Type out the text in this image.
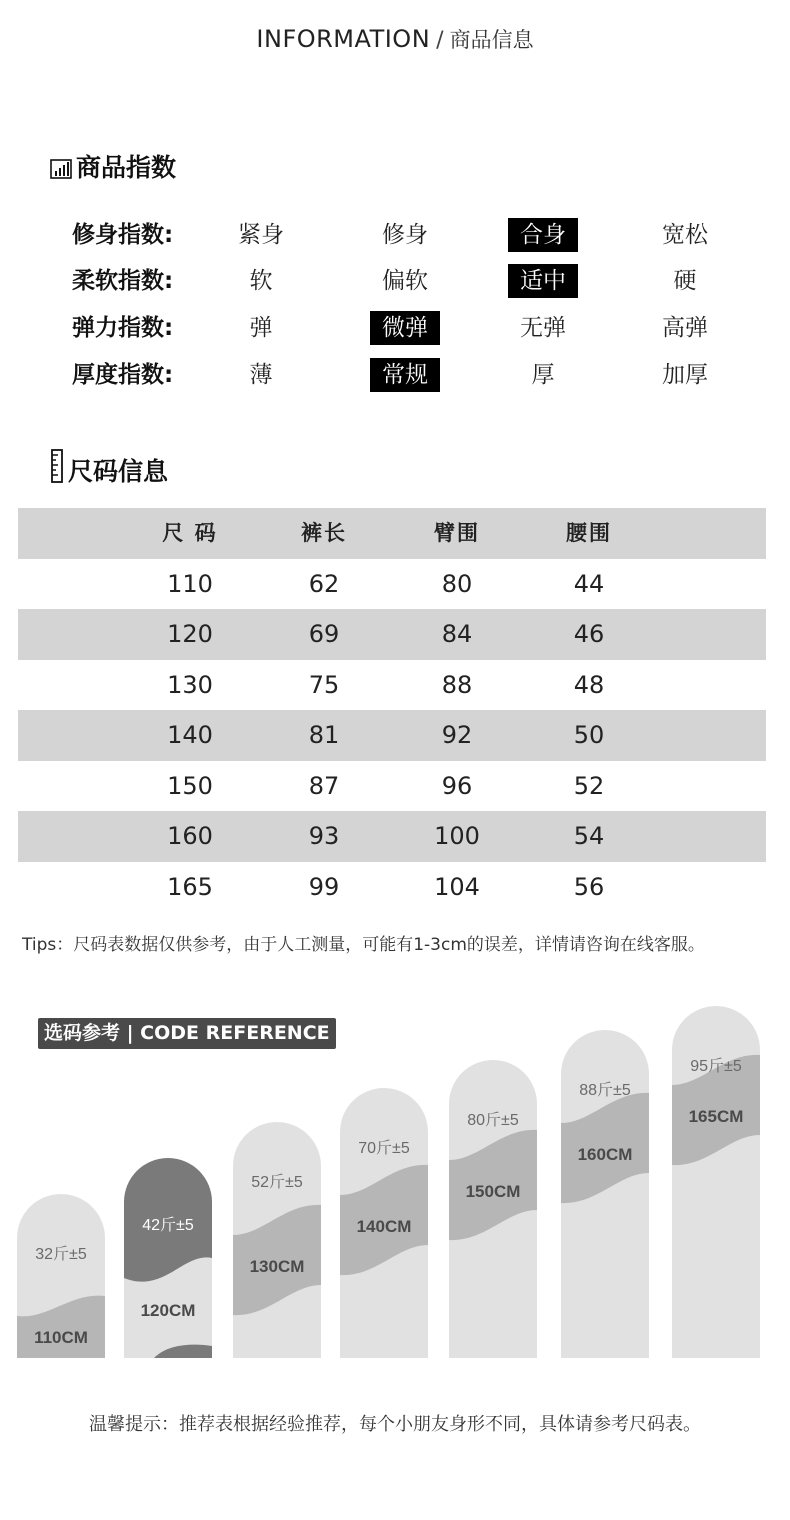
INFORMATION / 商品信息
商品指数
修身指数:	紧身	修身	合身	宽松
柔软指数:	软	偏软	适中	硬
弹力指数:	弹	微弹	无弹	高弹
厚度指数:	薄	常规	厚	加厚
尺码信息
尺 码	裤长	臂围	腰围
110	62	80	44
120	69	84	46
130	75	88	48
140	81	92	50
150	87	96	52
160	93	100	54
165	99	104	56
Tips：尺码表数据仅供参考，由于人工测量，可能有1-3cm的误差，详情请咨询在线客服。
32斤±5
110CM
42斤±5
120CM
52斤±5
130CM
70斤±5
140CM
80斤±5
150CM
88斤±5
160CM
95斤±5
165CM
选码参考 | CODE REFERENCE
温馨提示：推荐表根据经验推荐，每个小朋友身形不同，具体请参考尺码表。
